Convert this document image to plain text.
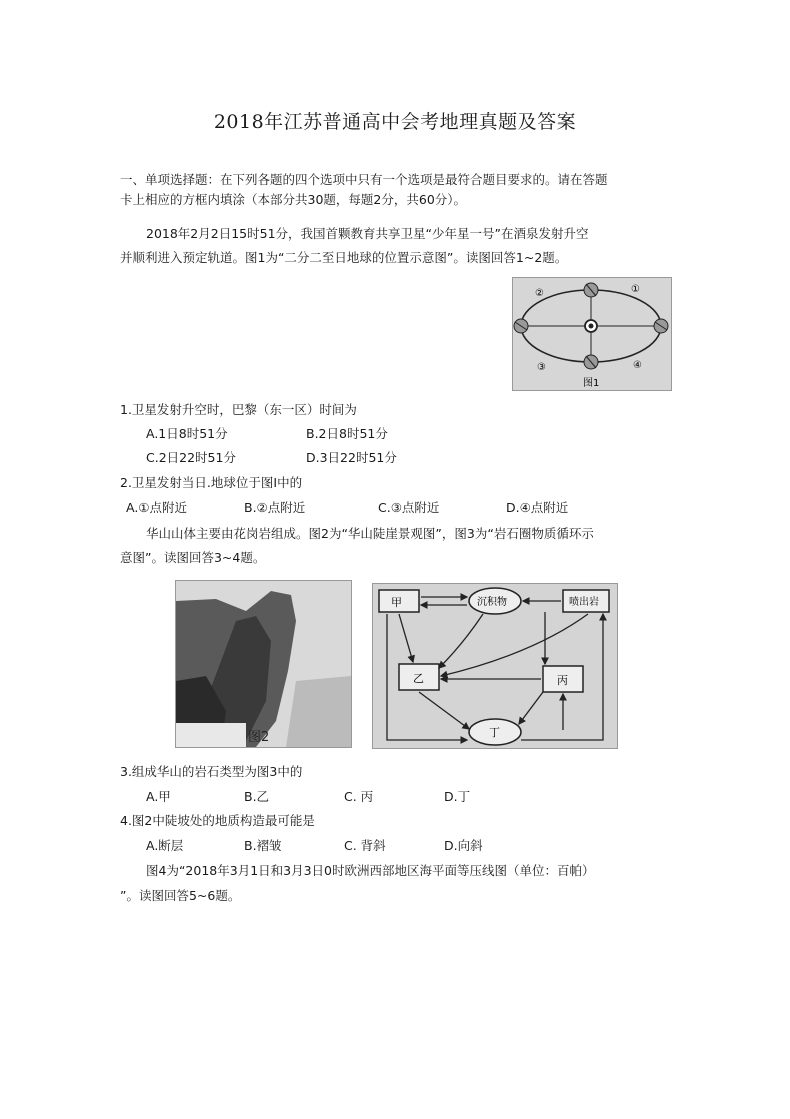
2018年江苏普通高中会考地理真题及答案
一、单项选择题：在下列各题的四个选项中只有一个选项是最符合题目要求的。请在答题
卡上相应的方框内填涂（本部分共30题，每题2分，共60分）。
2018年2月2日15时51分，我国首颗教育共享卫星“少年星一号”在酒泉发射升空
并顺利进入预定轨道。图1为“二分二至日地球的位置示意图”。读图回答1~2题。
②	①
③	④
图1
1.卫星发射升空时，巴黎（东一区）时间为
A.1日8时51分	B.2日8时51分
C.2日22时51分	D.3日22时51分
2.卫星发射当日.地球位于图I中的
A.①点附近	B.②点附近	C.③点附近	D.④点附近
华山山体主要由花岗岩组成。图2为“华山陡崖景观图”，图3为“岩石圈物质循环示
意图”。读图回答3~4题。
图2
甲	沉积物	喷出岩
乙	丙
丁
3.组成华山的岩石类型为图3中的
A.甲	B.乙	C. 丙	D.丁
4.图2中陡坡处的地质构造最可能是
A.断层	B.褶皱	C. 背斜	D.向斜
图4为“2018年3月1日和3月3日0时欧洲西部地区海平面等压线图（单位：百帕）
”。读图回答5~6题。
